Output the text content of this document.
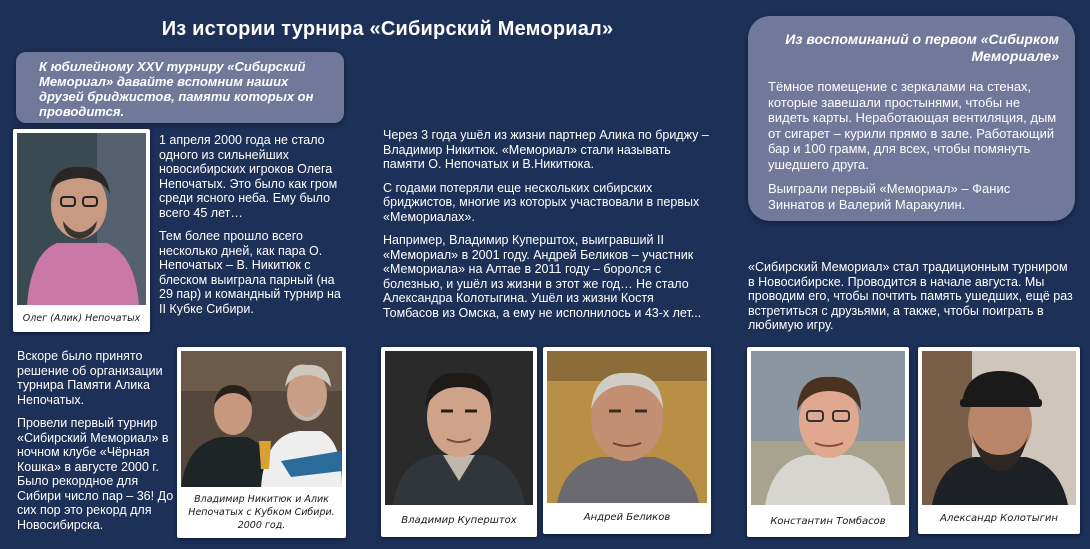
Из истории турнира «Сибирский Мемориал»
К юбилейному XXV турниру «Сибирский Мемориал» давайте вспомним наших друзей бриджистов, памяти которых он проводится.
Из воспоминаний о первом «Сибирком Мемориале»

Тёмное помещение с зеркалами на стенах, которые завешали простынями, чтобы не видеть карты. Неработающая вентиляция, дым от сигарет – курили прямо в зале. Работающий бар и 100 грамм, для всех, чтобы помянуть ушедшего друга.

Выиграли первый «Мемориал» – Фанис Зиннатов и Валерий Маракулин.

1 апреля 2000 года не стало одного из сильнейших новосибирских игроков Олега Непочатых. Это было как гром среди ясного неба. Ему было всего 45 лет…

Тем более прошло всего несколько дней, как пара О. Непочатых – В. Никитюк с блеском выиграла парный (на 29 пар) и командный турнир на II Кубке Сибири.

Вскоре было принято решение об организации турнира Памяти Алика Непочатых.

Провели первый турнир «Сибирский Мемориал» в ночном клубе «Чёрная Кошка» в августе 2000 г. Было рекордное для Сибири число пар – 36! До сих пор это рекорд для Новосибирска.

Через 3 года ушёл из жизни партнер Алика по бриджу – Владимир Никитюк. «Мемориал» стали называть памяти О. Непочатых и В.Никитюка.

С годами потеряли еще нескольких сибирских бриджистов, многие из которых участвовали в первых «Мемориалах».

Например, Владимир Куперштох, выигравший II «Мемориал» в 2001 году. Андрей Беликов – участник «Мемориала» на Алтае в 2011 году – боролся с болезнью, и ушёл из жизни в этот же год… Не стало Александра Колотыгина. Ушёл из жизни Костя Томбасов из Омска, а ему не исполнилось и 43-х лет...

«Сибирский Мемориал» стал традиционным турниром в Новосибирске. Проводится в начале августа. Мы проводим его, чтобы почтить память ушедших, ещё раз встретиться с друзьями, а также, чтобы поиграть в любимую игру.

Олег (Алик) Непочатых
Владимир Никитюк и Алик Непочатых с Кубком Сибири. 2000 год.	Владимир Куперштох	Андрей Беликов	Константин Томбасов	Александр Колотыгин
